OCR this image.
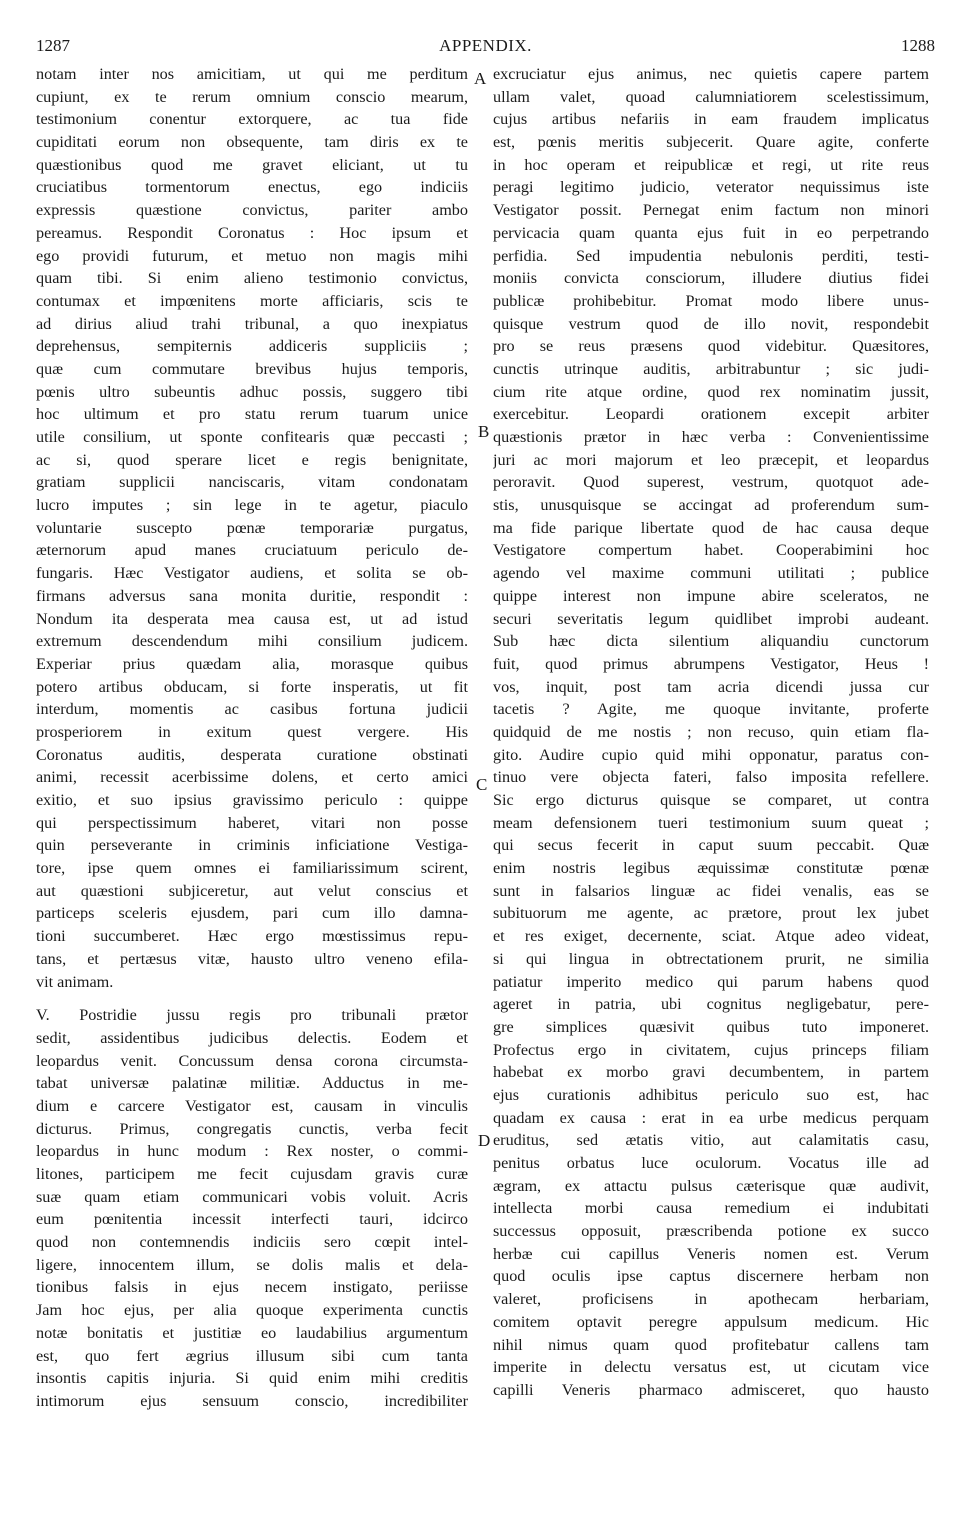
APPENDIX.
1287	1288
A
B
C
D
notam inter nos amicitiam, ut qui me perditum
cupiunt, ex te rerum omnium conscio mearum,
testimonium conentur extorquere, ac tua fide
cupiditati eorum non obsequente, tam diris ex te
quæstionibus quod me gravet eliciant, ut tu
cruciatibus tormentorum enectus, ego indiciis
expressis quæstione convictus, pariter ambo
pereamus. Respondit Coronatus : Hoc ipsum et
ego providi futurum, et metuo non magis mihi
quam tibi. Si enim alieno testimonio convictus,
contumax et impœnitens morte afficiaris, scis te
ad dirius aliud trahi tribunal, a quo inexpiatus
deprehensus, sempiternis addiceris suppliciis ;
quæ cum commutare brevibus hujus temporis,
pœnis ultro subeuntis adhuc possis, suggero tibi
hoc ultimum et pro statu rerum tuarum unice
utile consilium, ut sponte confitearis quæ peccasti ;
ac si, quod sperare licet e regis benignitate,
gratiam supplicii nanciscaris, vitam condonatam
lucro imputes ; sin lege in te agetur, piaculo
voluntarie suscepto pœnæ temporariæ purgatus,
æternorum apud manes cruciatuum periculo de-
fungaris. Hæc Vestigator audiens, et solita se ob-
firmans adversus sana monita duritie, respondit :
Nondum ita desperata mea causa est, ut ad istud
extremum descendendum mihi consilium judicem.
Experiar prius quædam alia, morasque quibus
potero artibus obducam, si forte insperatis, ut fit
interdum, momentis ac casibus fortuna judicii
prosperiorem in exitum quest vergere. His
Coronatus auditis, desperata curatione obstinati
animi, recessit acerbissime dolens, et certo amici
exitio, et suo ipsius gravissimo periculo : quippe
qui perspectissimum haberet, vitari non posse
quin perseverante in criminis inficiatione Vestiga-
tore, ipse quem omnes ei familiarissimum scirent,
aut quæstioni subjiceretur, aut velut conscius et
particeps sceleris ejusdem, pari cum illo damna-
tioni succumberet. Hæc ergo mœstissimus repu-
tans, et pertæsus vitæ, hausto ultro veneno efila-
vit animam.
V. Postridie jussu regis pro tribunali prætor
sedit, assidentibus judicibus delectis. Eodem et
leopardus venit. Concussum densa corona circumsta-
tabat universæ palatinæ militiæ. Adductus in me-
dium e carcere Vestigator est, causam in vinculis
dicturus. Primus, congregatis cunctis, verba fecit
leopardus in hunc modum : Rex noster, o commi-
litones, participem me fecit cujusdam gravis curæ
suæ quam etiam communicari vobis voluit. Acris
eum pœnitentia incessit interfecti tauri, idcirco
quod non contemnendis indiciis sero cœpit intel-
ligere, innocentem illum, se dolis malis et dela-
tionibus falsis in ejus necem instigato, periisse
Jam hoc ejus, per alia quoque experimenta cunctis
notæ bonitatis et justitiæ eo laudabilius argumentum
est, quo fert ægrius illusum sibi cum tanta
insontis capitis injuria. Si quid enim mihi creditis
intimorum ejus sensuum conscio, incredibiliter
excruciatur ejus animus, nec quietis capere partem
ullam valet, quoad calumniatiorem scelestissimum,
cujus artibus nefariis in eam fraudem implicatus
est, pœnis meritis subjecerit. Quare agite, conferte
in hoc operam et reipublicæ et regi, ut rite reus
peragi legitimo judicio, veterator nequissimus iste
Vestigator possit. Pernegat enim factum non minori
pervicacia quam quanta ejus fuit in eo perpetrando
perfidia. Sed impudentia nebulonis perditi, testi-
moniis convicta consciorum, illudere diutius fidei
publicæ prohibebitur. Promat modo libere unus-
quisque vestrum quod de illo novit, respondebit
pro se reus præsens quod videbitur. Quæsitores,
cunctis utrinque auditis, arbitrabuntur ; sic judi-
cium rite atque ordine, quod rex nominatim jussit,
exercebitur. Leopardi orationem excepit arbiter
quæstionis prætor in hæc verba : Convenientissime
juri ac mori majorum et leo præcepit, et leopardus
peroravit. Quod superest, vestrum, quotquot ade-
stis, unusquisque se accingat ad proferendum sum-
ma fide parique libertate quod de hac causa deque
Vestigatore compertum habet. Cooperabimini hoc
agendo vel maxime communi utilitati ; publice
quippe interest non impune abire sceleratos, ne
securi severitatis legum quidlibet improbi audeant.
Sub hæc dicta silentium aliquandiu cunctorum
fuit, quod primus abrumpens Vestigator, Heus !
vos, inquit, post tam acria dicendi jussa cur
tacetis ? Agite, me quoque invitante, proferte
quidquid de me nostis ; non recuso, quin etiam fla-
gito. Audire cupio quid mihi opponatur, paratus con-
tinuo vere objecta fateri, falso imposita refellere.
Sic ergo dicturus quisque se comparet, ut contra
meam defensionem tueri testimonium suum queat ;
qui secus fecerit in caput suum peccabit. Quæ
enim nostris legibus æquissimæ constitutæ pœnæ
sunt in falsarios linguæ ac fidei venalis, eas se
subituorum me agente, ac prætore, prout lex jubet
et res exiget, decernente, sciat. Atque adeo videat,
si qui lingua in obtrectationem prurit, ne similia
patiatur imperito medico qui parum habens quod
ageret in patria, ubi cognitus negligebatur, pere-
gre simplices quæsivit quibus tuto imponeret.
Profectus ergo in civitatem, cujus princeps filiam
habebat ex morbo gravi decumbentem, in partem
ejus curationis adhibitus periculo suo est, hac
quadam ex causa : erat in ea urbe medicus perquam
eruditus, sed ætatis vitio, aut calamitatis casu,
penitus orbatus luce oculorum. Vocatus ille ad
ægram, ex attactu pulsus cæterisque quæ audivit,
intellecta morbi causa remedium ei indubitati
successus opposuit, præscribenda potione ex succo
herbæ cui capillus Veneris nomen est. Verum
quod oculis ipse captus discernere herbam non
valeret, proficisens in apothecam herbariam,
comitem optavit peregre appulsum medicum. Hic
nihil nimus quam quod profitebatur callens tam
imperite in delectu versatus est, ut cicutam vice
capilli Veneris pharmaco admisceret, quo hausto
